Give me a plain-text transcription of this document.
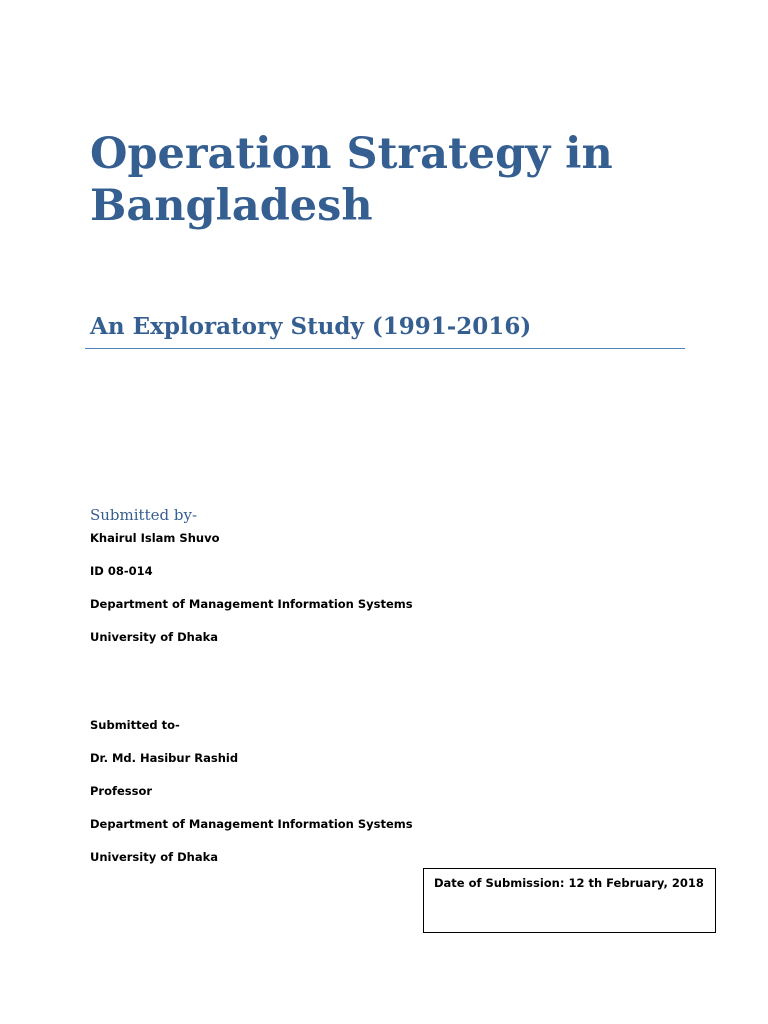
Operation Strategy in Bangladesh
An Exploratory Study (1991-2016)

Submitted by-

Khairul Islam Shuvo

ID 08-014

Department of Management Information Systems

University of Dhaka

Submitted to-

Dr. Md. Hasibur Rashid

Professor

Department of Management Information Systems

University of Dhaka

Date of Submission: 12 th February, 2018
